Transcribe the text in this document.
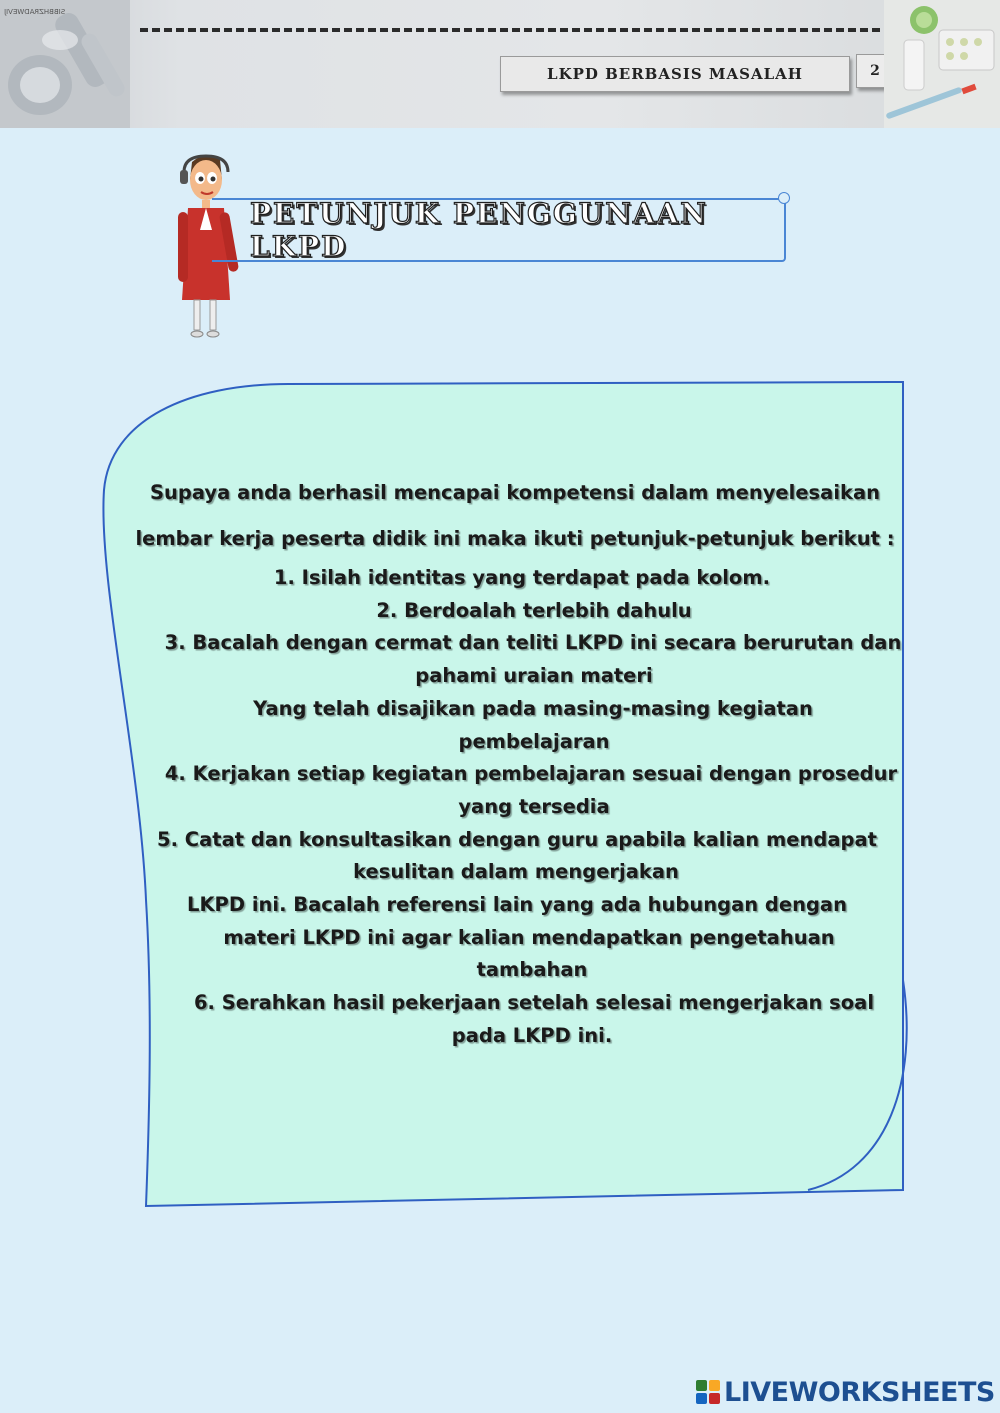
SIBBHZRADWEVIJ
LKPD BERBASIS MASALAH	2
PETUNJUK PENGGUNAAN LKPD
Supaya anda berhasil mencapai kompetensi dalam menyelesaikan
lembar kerja peserta didik ini maka ikuti petunjuk-petunjuk berikut :
1. Isilah identitas yang terdapat pada kolom.
2. Berdoalah terlebih dahulu
3. Bacalah dengan cermat dan teliti LKPD ini secara berurutan dan
pahami uraian materi
Yang telah disajikan pada masing-masing kegiatan
pembelajaran
4. Kerjakan setiap kegiatan pembelajaran sesuai dengan prosedur
yang tersedia
5. Catat dan konsultasikan dengan guru apabila kalian mendapat
kesulitan dalam mengerjakan
LKPD ini. Bacalah referensi lain yang ada hubungan dengan
materi LKPD ini agar kalian mendapatkan pengetahuan
tambahan
6. Serahkan hasil pekerjaan setelah selesai mengerjakan soal
pada LKPD ini.
LIVEWORKSHEETS
